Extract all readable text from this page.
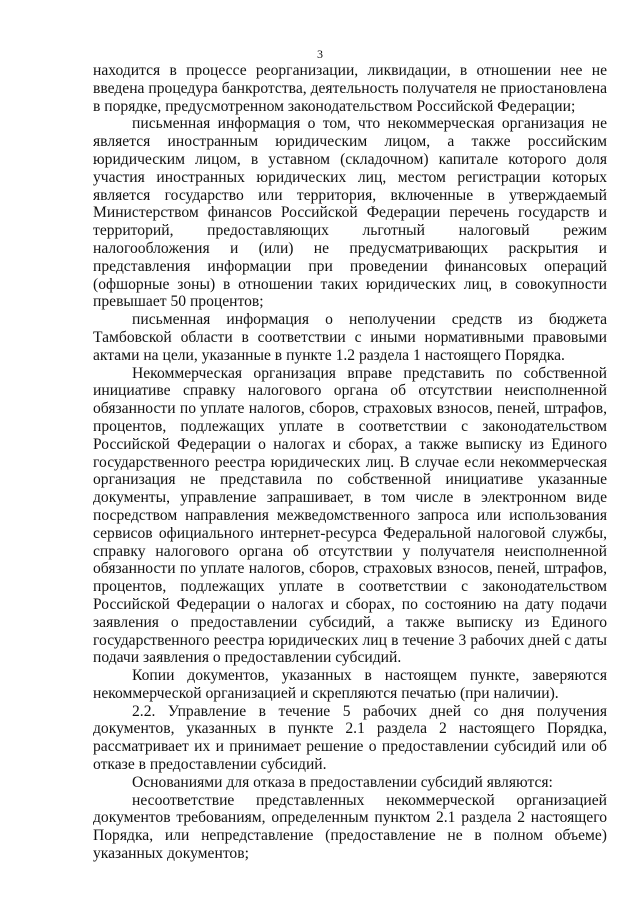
3

находится в процессе реорганизации, ликвидации, в отношении нее не введена процедура банкротства, деятельность получателя не приостановлена в порядке, предусмотренном законодательством Российской Федерации;

письменная информация о том, что некоммерческая организация не является иностранным юридическим лицом, а также российским юридическим лицом, в уставном (складочном) капитале которого доля участия иностранных юридических лиц, местом регистрации которых является государство или территория, включенные в утверждаемый Министерством финансов Российской Федерации перечень государств и территорий, предоставляющих льготный налоговый режим налогообложения и (или) не предусматривающих раскрытия и представления информации при проведении финансовых операций (офшорные зоны) в отношении таких юридических лиц, в совокупности превышает 50 процентов;

письменная информация о неполучении средств из бюджета Тамбовской области в соответствии с иными нормативными правовыми актами на цели, указанные в пункте 1.2 раздела 1 настоящего Порядка.

Некоммерческая организация вправе представить по собственной инициативе справку налогового органа об отсутствии неисполненной обязанности по уплате налогов, сборов, страховых взносов, пеней, штрафов, процентов, подлежащих уплате в соответствии с законодательством Российской Федерации о налогах и сборах, а также выписку из Единого государственного реестра юридических лиц. В случае если некоммерческая организация не представила по собственной инициативе указанные документы, управление запрашивает, в том числе в электронном виде посредством направления межведомственного запроса или использования сервисов официального интернет-ресурса Федеральной налоговой службы, справку налогового органа об отсутствии у получателя неисполненной обязанности по уплате налогов, сборов, страховых взносов, пеней, штрафов, процентов, подлежащих уплате в соответствии с законодательством Российской Федерации о налогах и сборах, по состоянию на дату подачи заявления о предоставлении субсидий, а также выписку из Единого государственного реестра юридических лиц в течение 3 рабочих дней с даты подачи заявления о предоставлении субсидий.

Копии документов, указанных в настоящем пункте, заверяются некоммерческой организацией и скрепляются печатью (при наличии).

2.2. Управление в течение 5 рабочих дней со дня получения документов, указанных в пункте 2.1 раздела 2 настоящего Порядка, рассматривает их и принимает решение о предоставлении субсидий или об отказе в предоставлении субсидий.

Основаниями для отказа в предоставлении субсидий являются:

несоответствие представленных некоммерческой организацией документов требованиям, определенным пунктом 2.1 раздела 2 настоящего Порядка, или непредставление (предоставление не в полном объеме) указанных документов;
